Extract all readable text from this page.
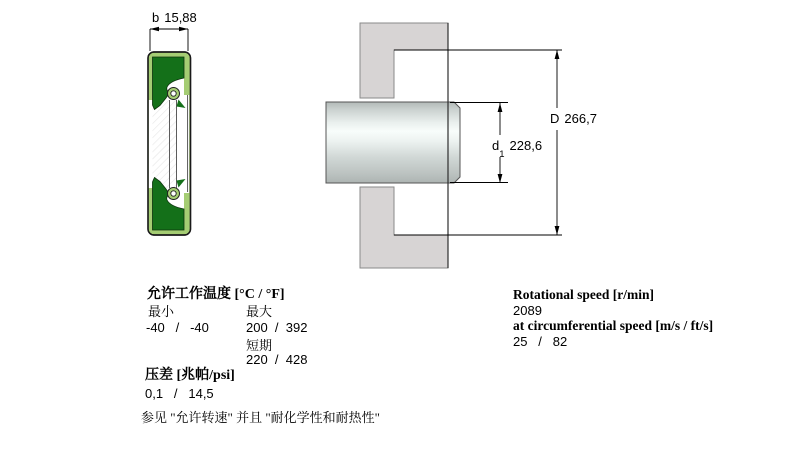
b 15,88
$d_1$
228,6
D 266,7
允许工作温度 [°C / °F]
最小	最大
-40   /   -40	200  /  392
短期
220  /  428
压差 [兆帕/psi]
0,1   /   14,5
参见 "允许转速" 并且 "耐化学性和耐热性"
Rotational speed [r/min]
2089
at circumferential speed [m/s / ft/s]
25   /   82
